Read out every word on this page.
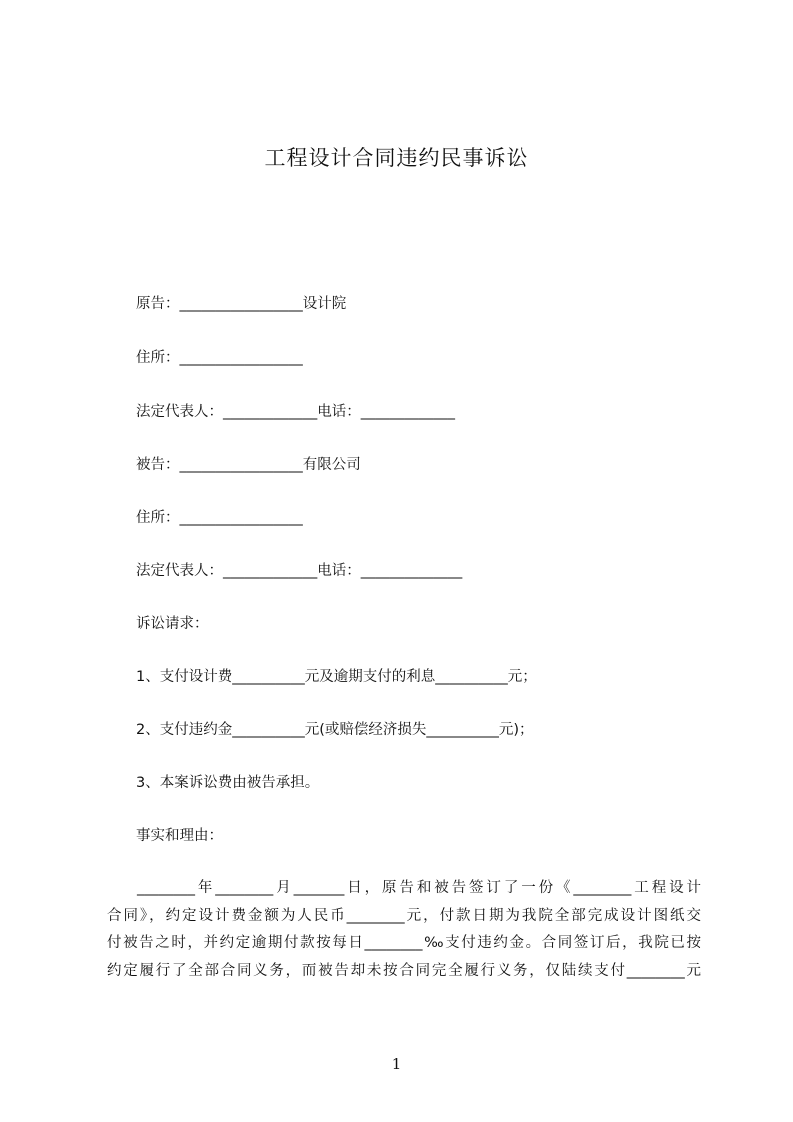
工程设计合同违约民事诉讼
原告：_________________设计院
住所：_________________
法定代表人：_____________电话：_____________
被告：_________________有限公司
住所：_________________
法定代表人：_____________电话：______________
诉讼请求：
1、支付设计费__________元及逾期支付的利息__________元；
2、支付违约金__________元(或赔偿经济损失__________元)；
3、本案诉讼费由被告承担。
事实和理由：
________年________月_______日，原告和被告签订了一份《________工程设计
合同》，约定设计费金额为人民币________元，付款日期为我院全部完成设计图纸交
付被告之时，并约定逾期付款按每日________‰支付违约金。合同签订后，我院已按
约定履行了全部合同义务，而被告却未按合同完全履行义务，仅陆续支付________元
1
